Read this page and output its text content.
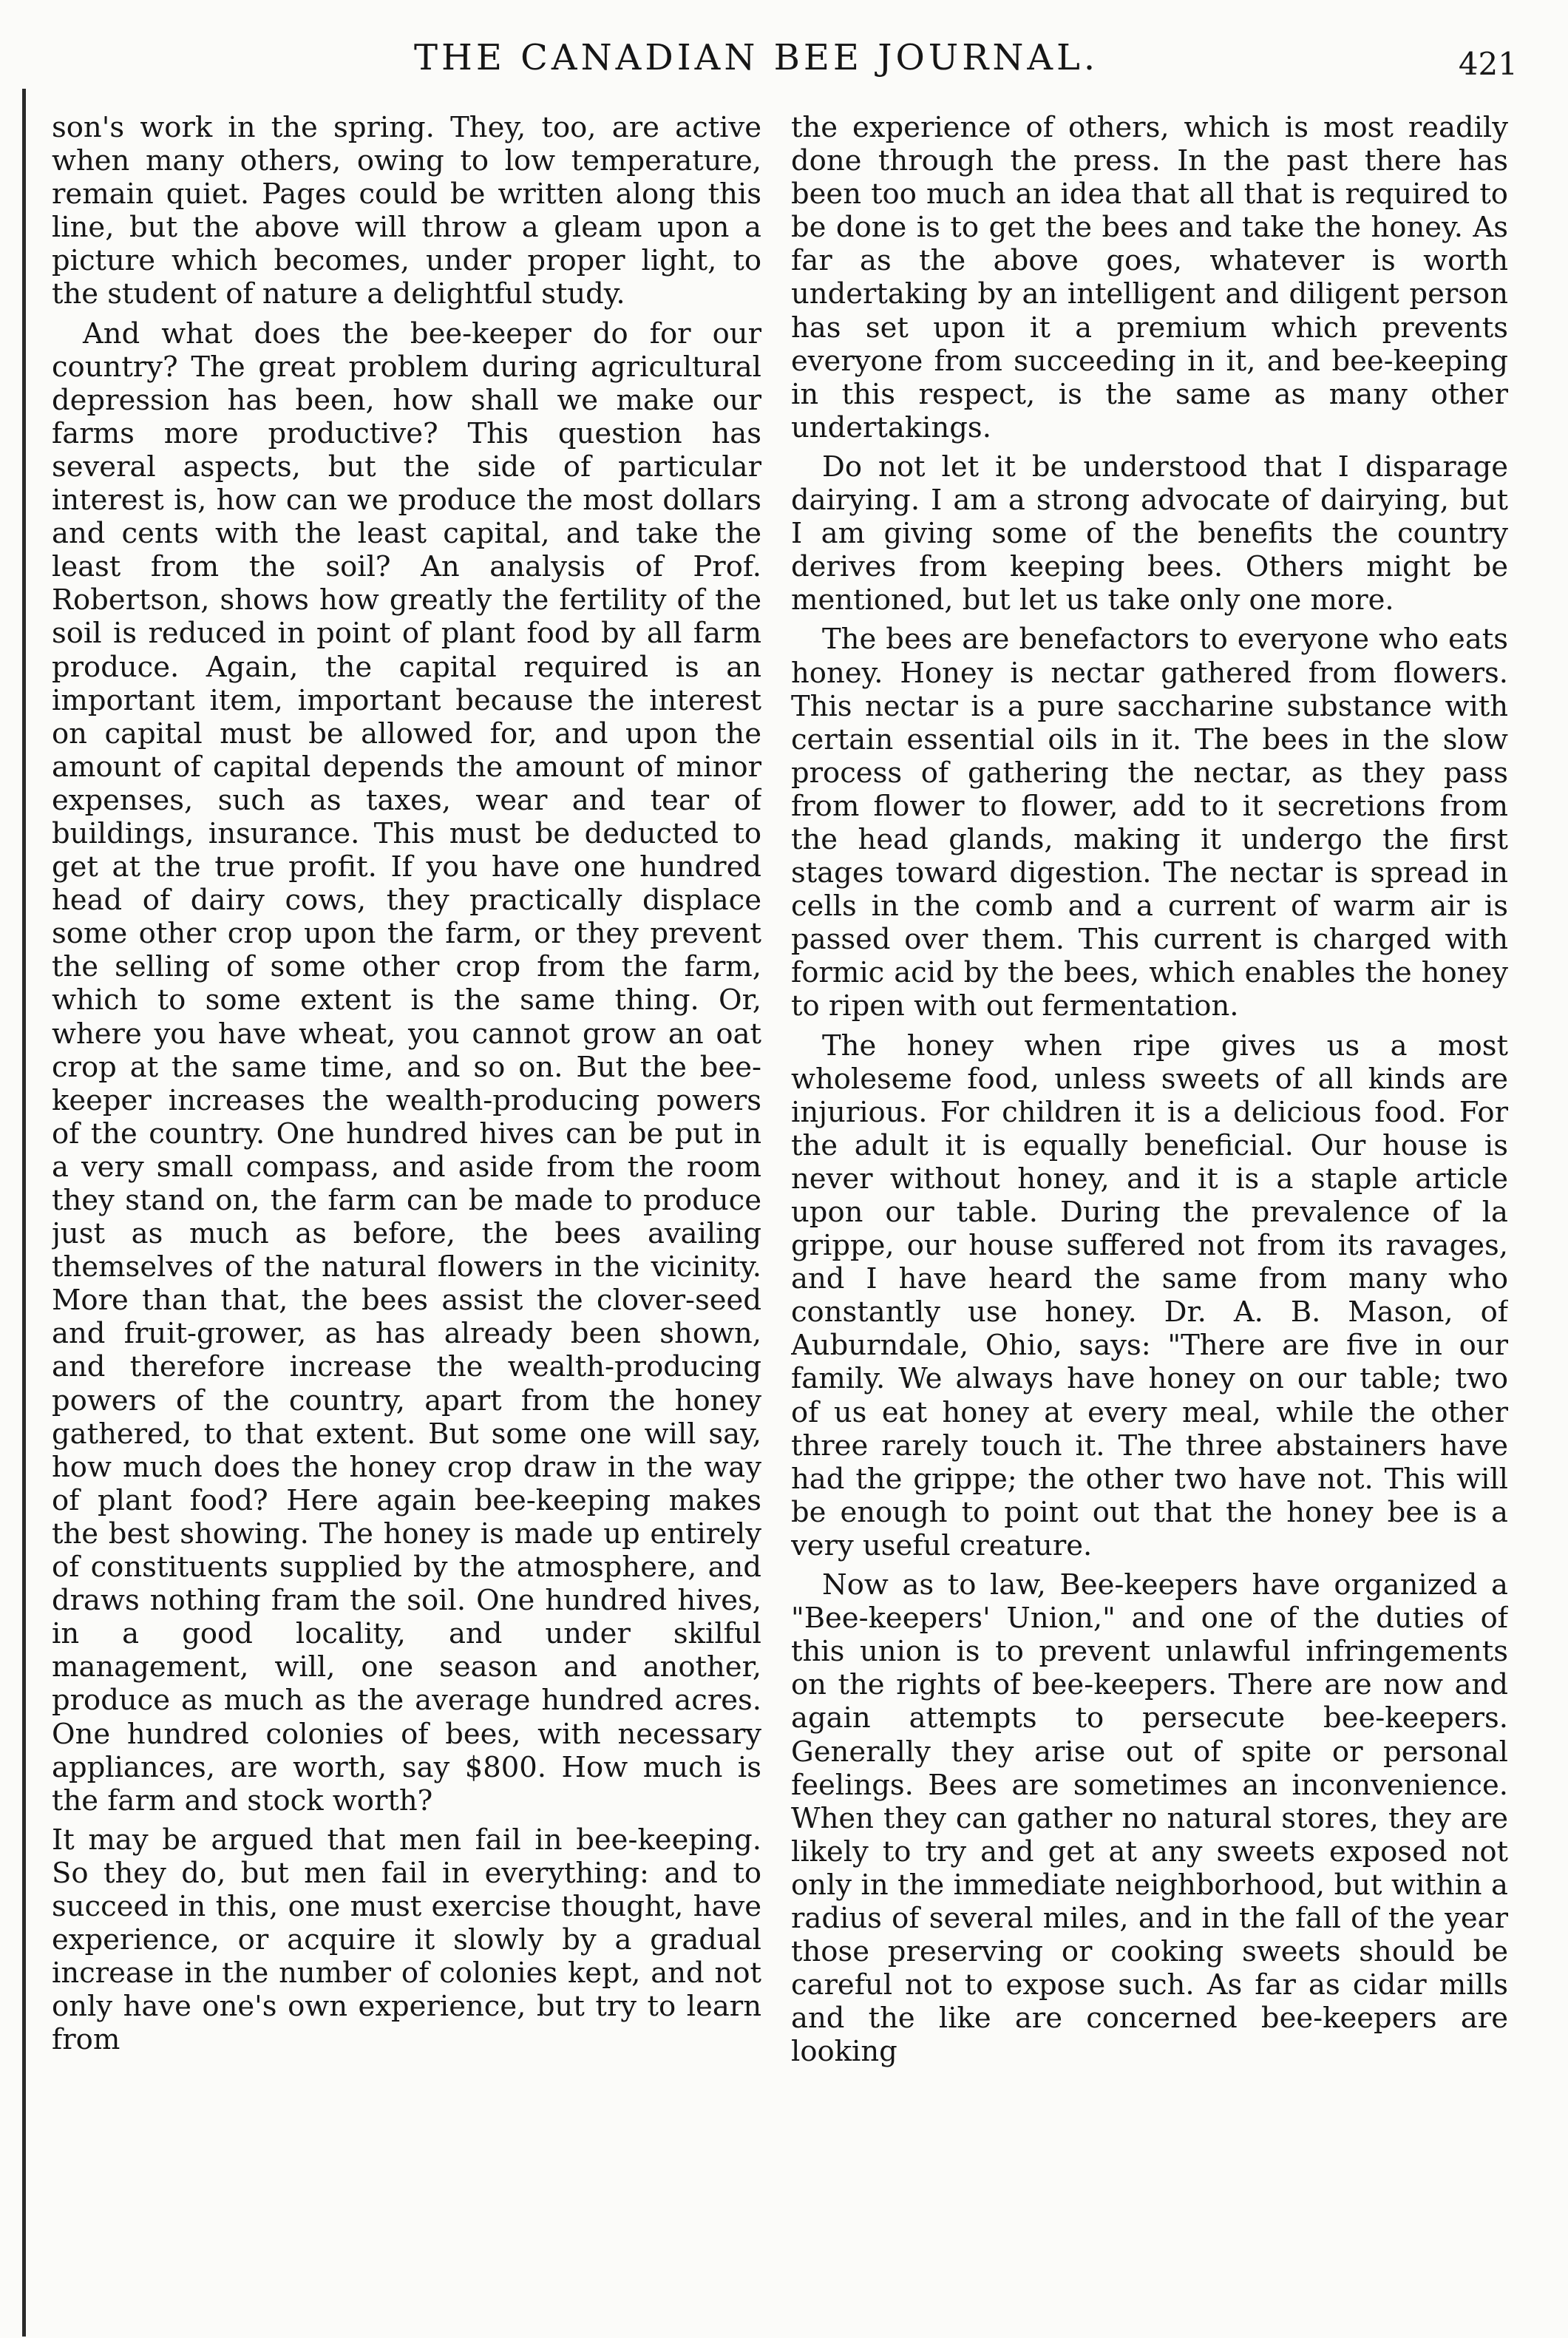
THE CANADIAN BEE JOURNAL.	421

son's work in the spring. They, too, are active when many others, owing to low temperature, remain quiet. Pages could be written along this line, but the above will throw a gleam upon a picture which becomes, under proper light, to the student of nature a delightful study.

And what does the bee-keeper do for our country? The great problem during agricultural depression has been, how shall we make our farms more productive? This question has several aspects, but the side of particular interest is, how can we produce the most dollars and cents with the least capital, and take the least from the soil? An analysis of Prof. Robertson, shows how greatly the fertility of the soil is reduced in point of plant food by all farm produce. Again, the capital required is an important item, important because the interest on capital must be allowed for, and upon the amount of capital depends the amount of minor expenses, such as taxes, wear and tear of buildings, insurance. This must be deducted to get at the true profit. If you have one hundred head of dairy cows, they practically displace some other crop upon the farm, or they prevent the selling of some other crop from the farm, which to some extent is the same thing. Or, where you have wheat, you cannot grow an oat crop at the same time, and so on. But the bee-keeper increases the wealth-producing powers of the country. One hundred hives can be put in a very small compass, and aside from the room they stand on, the farm can be made to produce just as much as before, the bees availing themselves of the natural flowers in the vicinity. More than that, the bees assist the clover-seed and fruit-grower, as has already been shown, and therefore increase the wealth-producing powers of the country, apart from the honey gathered, to that extent. But some one will say, how much does the honey crop draw in the way of plant food? Here again bee-keeping makes the best showing. The honey is made up entirely of constituents supplied by the atmosphere, and draws nothing fram the soil. One hundred hives, in a good locality, and under skilful management, will, one season and another, produce as much as the average hundred acres. One hundred colonies of bees, with necessary appliances, are worth, say $800. How much is the farm and stock worth?

It may be argued that men fail in bee-keeping. So they do, but men fail in everything: and to succeed in this, one must exercise thought, have experience, or acquire it slowly by a gradual increase in the number of colonies kept, and not only have one's own experience, but try to learn from

the experience of others, which is most readily done through the press. In the past there has been too much an idea that all that is required to be done is to get the bees and take the honey. As far as the above goes, whatever is worth undertaking by an intelligent and diligent person has set upon it a premium which prevents everyone from succeeding in it, and bee-keeping in this respect, is the same as many other undertakings.

Do not let it be understood that I disparage dairying. I am a strong advocate of dairying, but I am giving some of the benefits the country derives from keeping bees. Others might be mentioned, but let us take only one more.

The bees are benefactors to everyone who eats honey. Honey is nectar gathered from flowers. This nectar is a pure saccharine substance with certain essential oils in it. The bees in the slow process of gathering the nectar, as they pass from flower to flower, add to it secretions from the head glands, making it undergo the first stages toward digestion. The nectar is spread in cells in the comb and a current of warm air is passed over them. This current is charged with formic acid by the bees, which enables the honey to ripen with out fermentation.

The honey when ripe gives us a most wholeseme food, unless sweets of all kinds are injurious. For children it is a delicious food. For the adult it is equally beneficial. Our house is never without honey, and it is a staple article upon our table. During the prevalence of la grippe, our house suffered not from its ravages, and I have heard the same from many who constantly use honey. Dr. A. B. Mason, of Auburndale, Ohio, says: "There are five in our family. We always have honey on our table; two of us eat honey at every meal, while the other three rarely touch it. The three abstainers have had the grippe; the other two have not. This will be enough to point out that the honey bee is a very useful creature.

Now as to law, Bee-keepers have organized a "Bee-keepers' Union," and one of the duties of this union is to prevent unlawful infringements on the rights of bee-keepers. There are now and again attempts to persecute bee-keepers. Generally they arise out of spite or personal feelings. Bees are sometimes an inconvenience. When they can gather no natural stores, they are likely to try and get at any sweets exposed not only in the immediate neighborhood, but within a radius of several miles, and in the fall of the year those preserving or cooking sweets should be careful not to expose such. As far as cidar mills and the like are concerned bee-keepers are looking
